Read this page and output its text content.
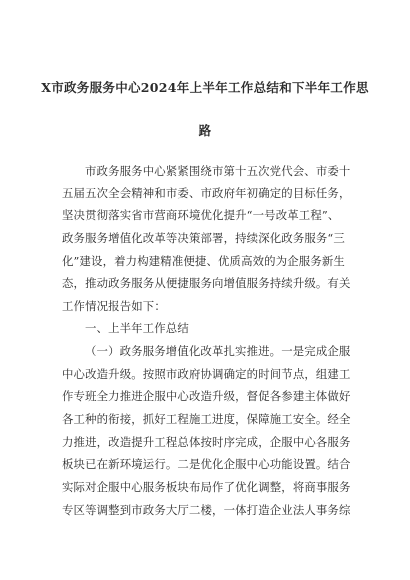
X市政务服务中心2024年上半年工作总结和下半年工作思
路
市政务服务中心紧紧围绕市第十五次党代会、市委十
五届五次全会精神和市委、市政府年初确定的目标任务，
坚决贯彻落实省市营商环境优化提升“一号改革工程”、
政务服务增值化改革等决策部署，持续深化政务服务“三
化”建设，着力构建精准便捷、优质高效的为企服务新生
态，推动政务服务从便捷服务向增值服务持续升级。有关
工作情况报告如下：
一、上半年工作总结
（一）政务服务增值化改革扎实推进。一是完成企服
中心改造升级。按照市政府协调确定的时间节点，组建工
作专班全力推进企服中心改造升级，督促各参建主体做好
各工种的衔接，抓好工程施工进度，保障施工安全。经全
力推进，改造提升工程总体按时序完成，企服中心各服务
板块已在新环境运行。二是优化企服中心功能设置。结合
实际对企服中心服务板块布局作了优化调整，将商事服务
专区等调整到市政务大厅二楼，一体打造企业法人事务综
